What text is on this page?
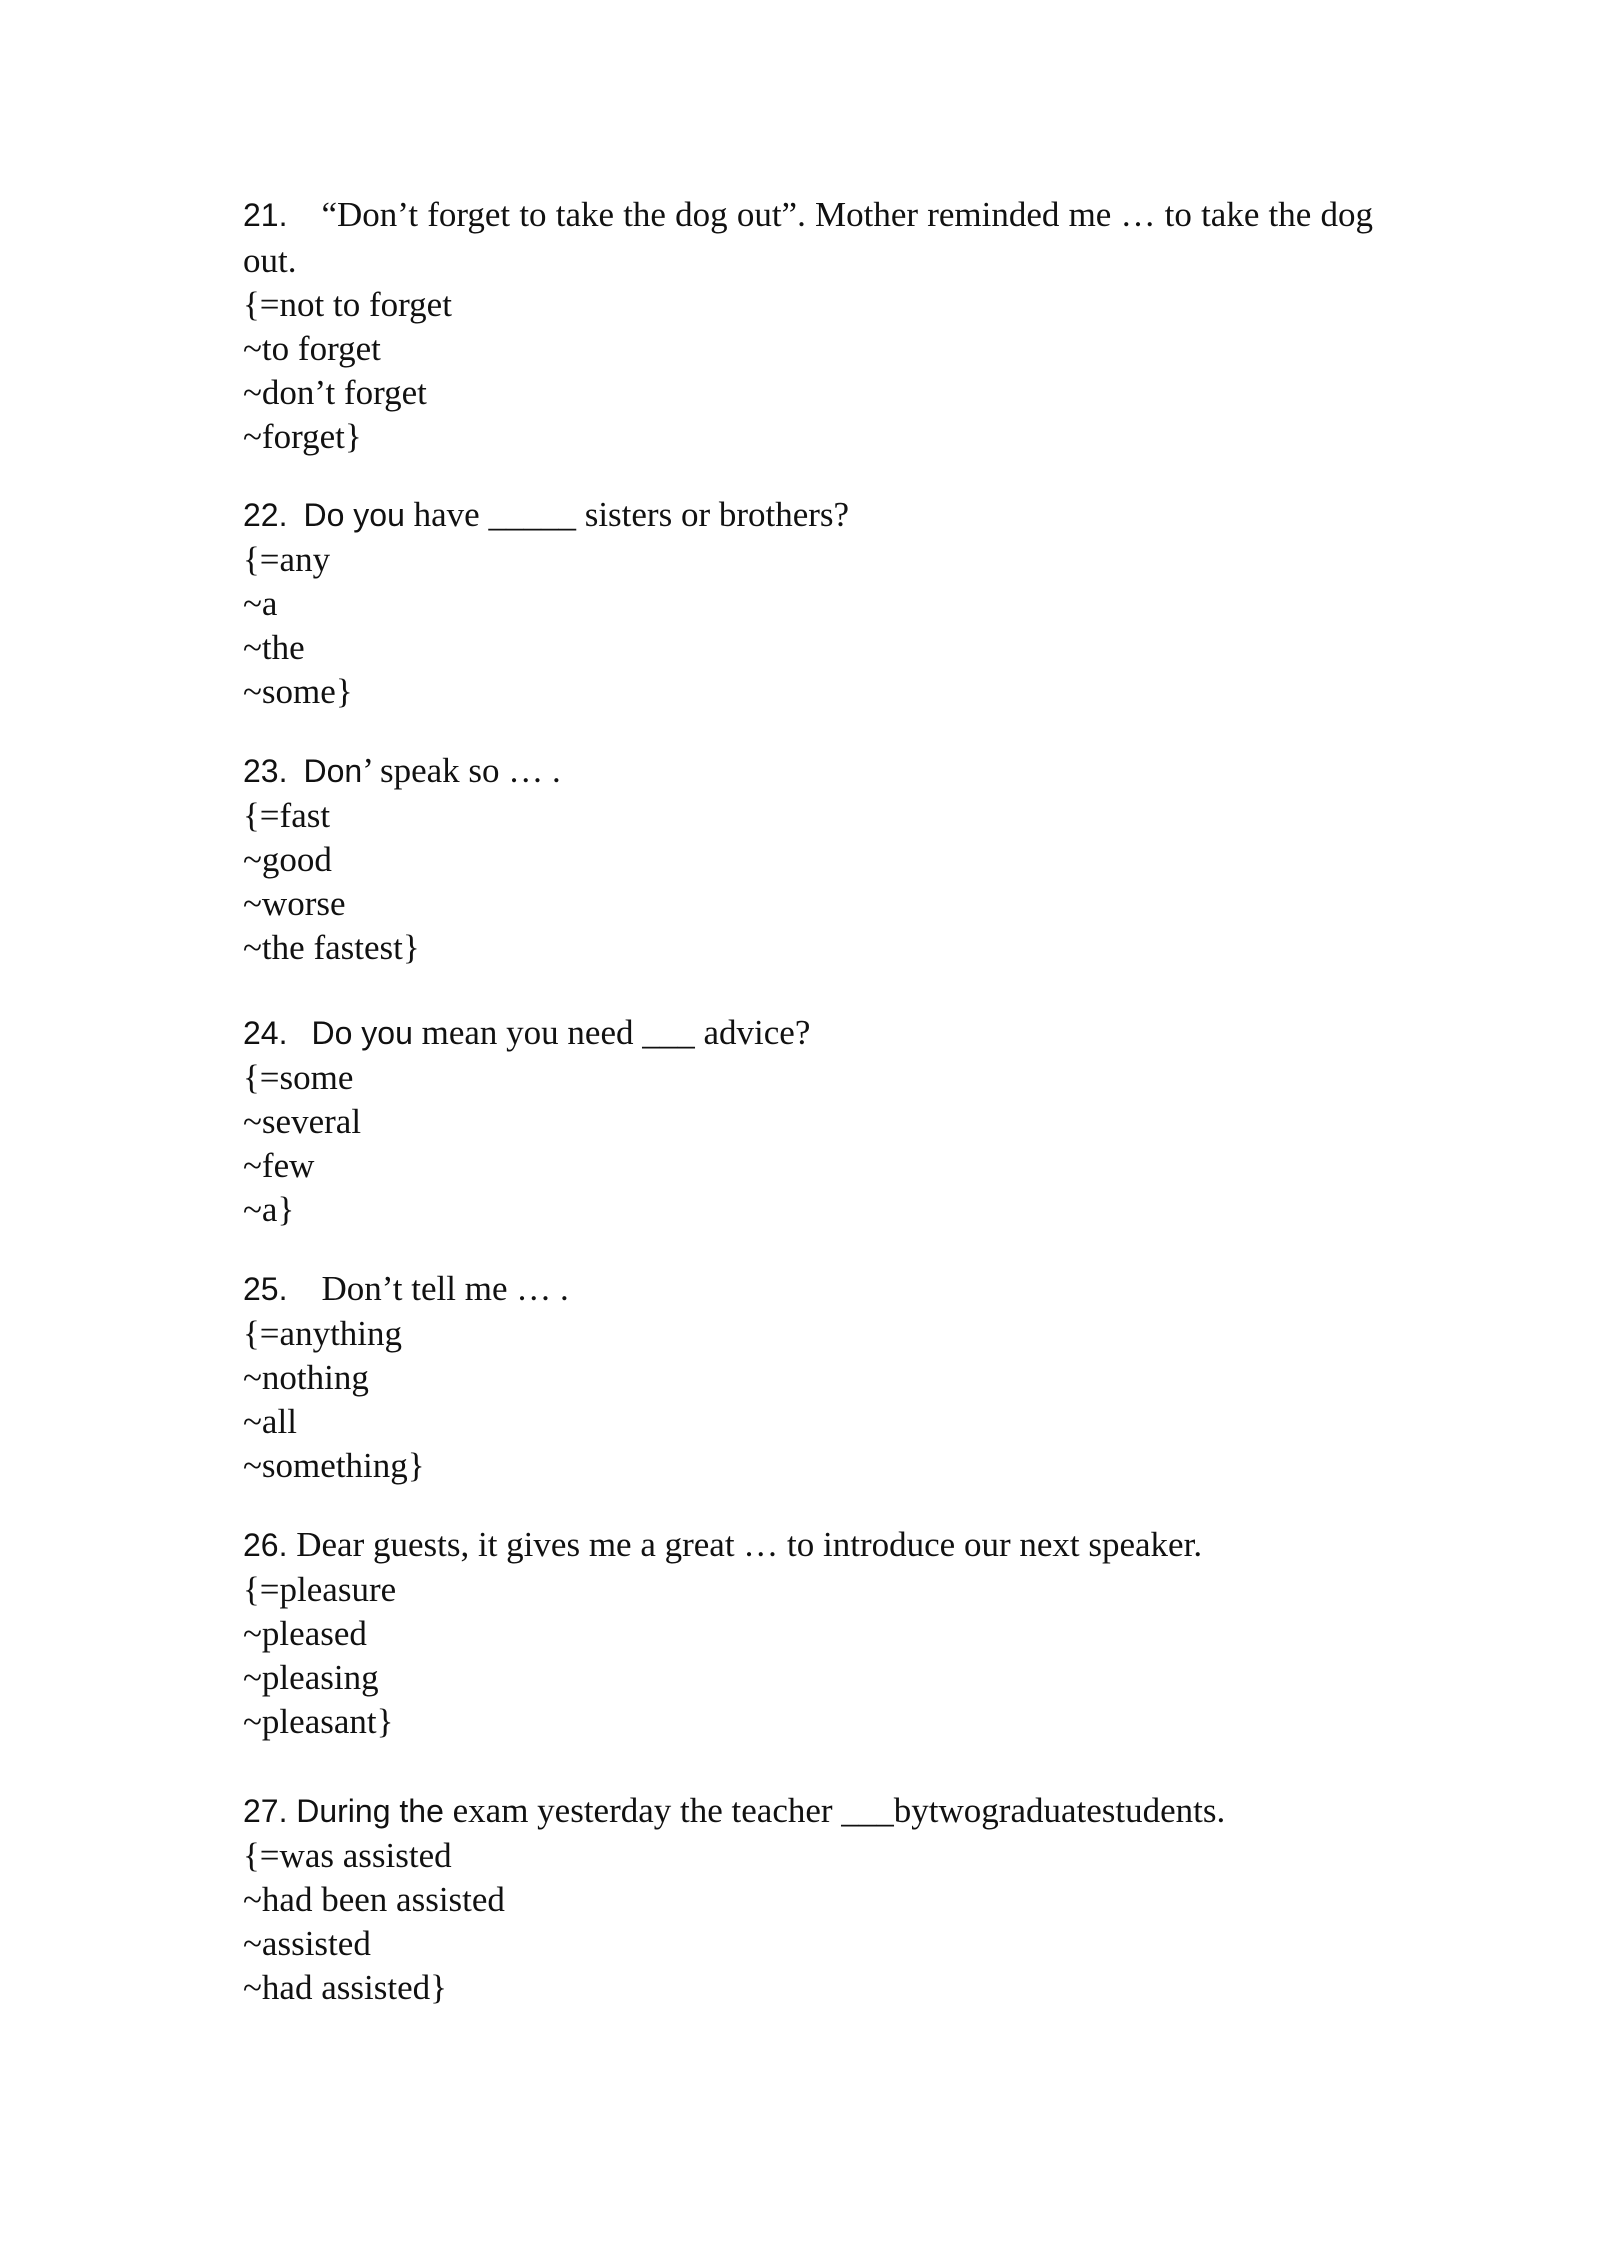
21. “Don’t forget to take the dog out”. Mother reminded me … to take the dog out.
{=not to forget
~to forget
~don’t forget
~forget}
22. Do you have _____ sisters or brothers?
{=any
~a
~the
~some}
23. Don’ speak so … .
{=fast
~good
~worse
~the fastest}
24. Do you mean you need ___ advice?
{=some
~several
~few
~a}
25. Don’t tell me … .
{=anything
~nothing
~all
~something}
26. Dear guests, it gives me a great … to introduce our next speaker.
{=pleasure
~pleased
~pleasing
~pleasant}
27. During the exam yesterday the teacher ___bytwograduatestudents.
{=was assisted
~had been assisted
~assisted
~had assisted}
